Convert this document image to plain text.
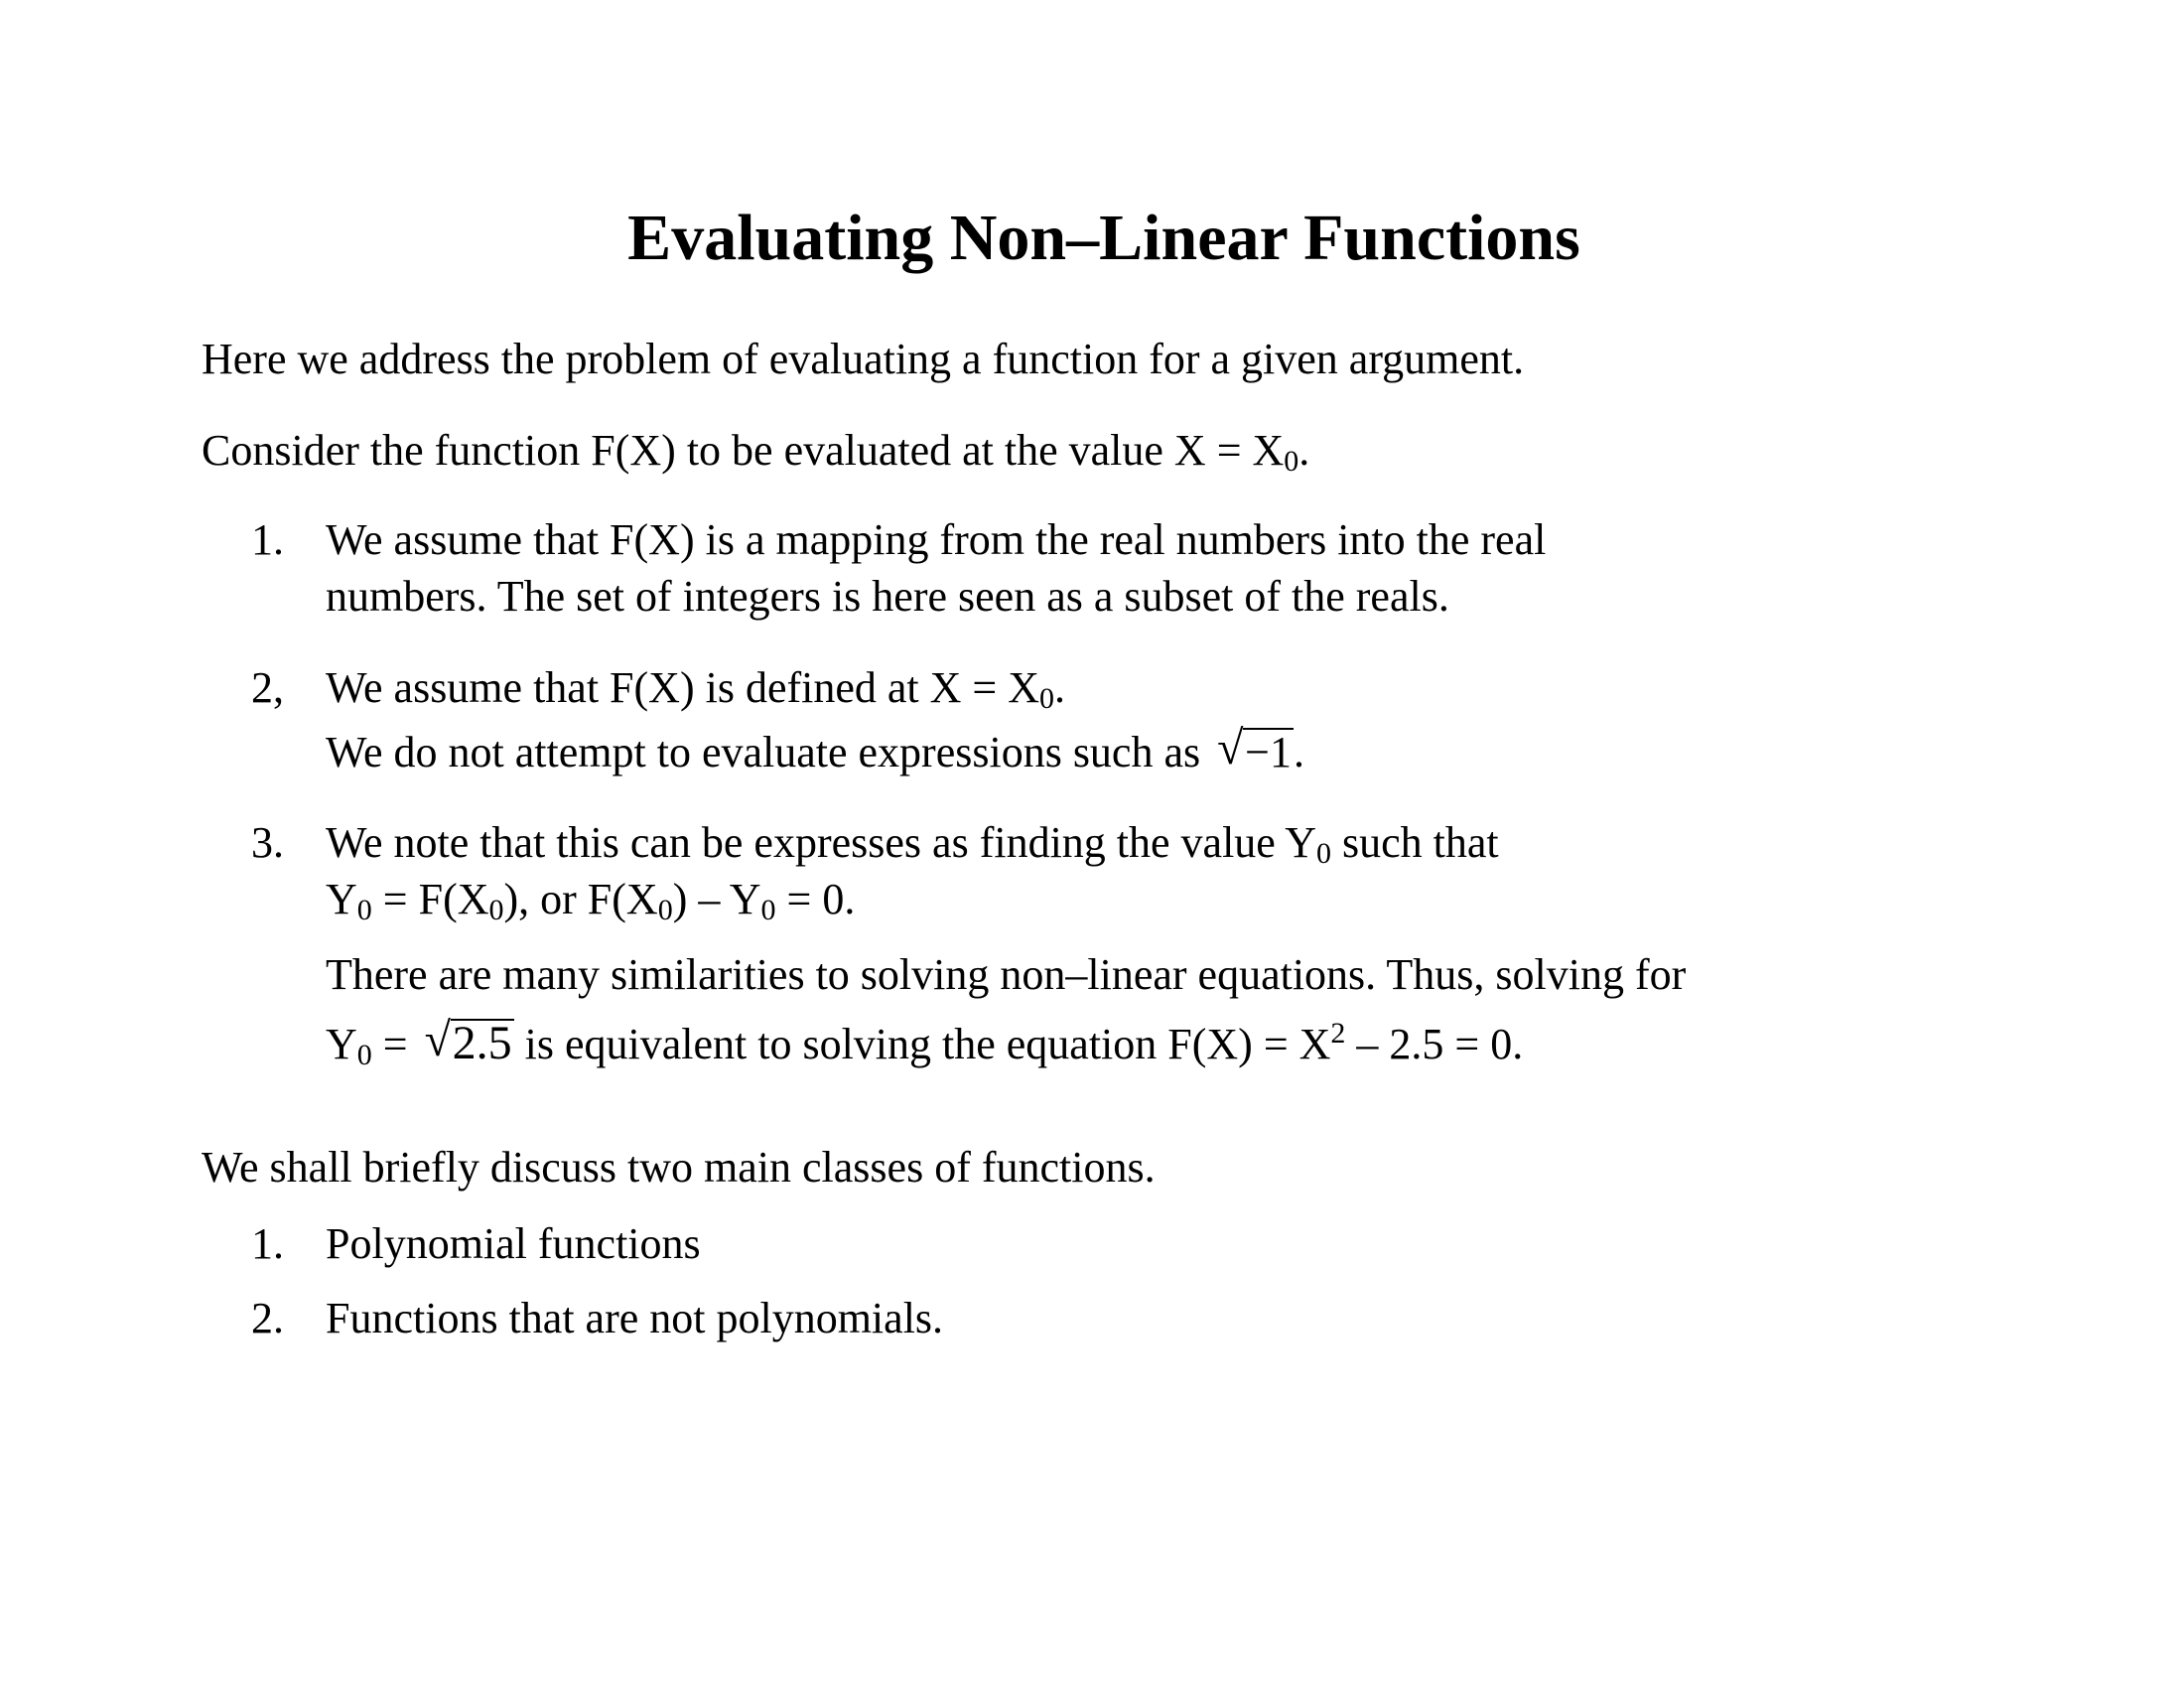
Evaluating Non–Linear Functions
Here we address the problem of evaluating a function for a given argument.
Consider the function F(X) to be evaluated at the value $X = X_0$.
1. We assume that F(X) is a mapping from the real numbers into the real
numbers. The set of integers is here seen as a subset of the reals.
2, We assume that F(X) is defined at $X = X_0$.
We do not attempt to evaluate expressions such as √ −1.
3. We note that this can be expresses as finding the value $Y_0$ such that
$Y_0 = F(X_0)$, or $F(X_0) - Y_0 = 0$.
There are many similarities to solving non–linear equations. Thus, solving for
$Y_0$ = √ 2.5 is equivalent to solving the equation $F(X) = X^2 - 2.5 = 0$.
We shall briefly discuss two main classes of functions.
1. Polynomial functions
2. Functions that are not polynomials.
